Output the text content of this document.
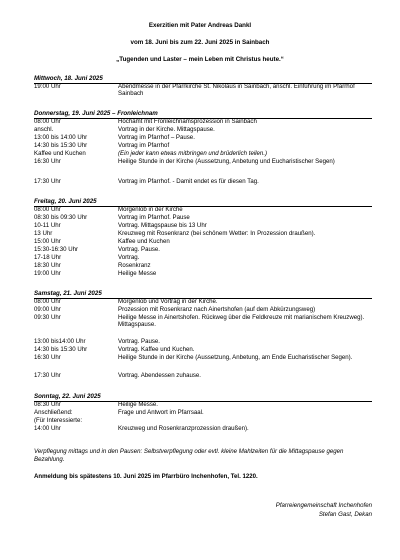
Exerzitien mit Pater Andreas Dankl
vom 18. Juni bis zum 22. Juni 2025 in Sainbach
„Tugenden und Laster – mein Leben mit Christus heute.“
Mittwoch, 18. Juni 2025
19:00 Uhr	Abendmesse in der Pfarrkirche St. Nikolaus in Sainbach, anschl. Einführung im Pfarrhof Sainbach
Donnerstag, 19. Juni 2025 – Fronleichnam
08:00 Uhr	Hochamt mit Fronleichnamsprozession in Sainbach
anschl.	Vortrag in der Kirche. Mittagspause.
13:00 bis 14:00 Uhr	Vortrag im Pfarrhof – Pause.
14:30 bis 15:30 Uhr	Vortrag im Pfarrhof
Kaffee und Kuchen	(Ein jeder kann etwas mitbringen und brüderlich teilen.)
16:30 Uhr	Heilige Stunde in der Kirche (Aussetzung, Anbetung und Eucharistischer Segen)
17:30 Uhr	Vortrag im Pfarrhof. - Damit endet es für diesen Tag.
Freitag, 20. Juni 2025
08:00 Uhr	Morgenlob in der Kirche
08:30 bis 09:30 Uhr	Vortrag im Pfarrhof. Pause
10-11 Uhr	Vortrag. Mittagspause bis 13 Uhr
13 Uhr	Kreuzweg mit Rosenkranz (bei schönem Wetter: In Prozession draußen).
15:00 Uhr	Kaffee und Kuchen
15:30-16:30 Uhr	Vortrag. Pause.
17-18 Uhr	Vortrag.
18:30 Uhr	Rosenkranz
19:00 Uhr	Heilige Messe
Samstag, 21. Juni 2025
08:00 Uhr	Morgenlob und Vortrag in der Kirche.
09:00 Uhr	Prozession mit Rosenkranz nach Ainertshofen (auf dem Abkürzungsweg)
09:30 Uhr	Heilige Messe in Ainertshofen. Rückweg über die Feldkreuze mit marianischem Kreuzweg). Mittagspause.
13:00 bis14:00 Uhr	Vortrag. Pause.
14:30 bis 15:30 Uhr	Vortrag. Kaffee und Kuchen.
16:30 Uhr	Heilige Stunde in der Kirche (Aussetzung, Anbetung, am Ende Eucharistischer Segen).
17:30 Uhr	Vortrag. Abendessen zuhause.
Sonntag, 22. Juni 2025
08:30 Uhr	Heilige Messe.
Anschließend:	Frage und Antwort im Pfarrsaal.
(Für Interessierte:
14:00 Uhr	Kreuzweg und Rosenkranzprozession draußen).
Verpflegung mittags und in den Pausen: Selbstverpflegung oder evtl. kleine Mahlzeiten für die Mittagspause gegen Bezahlung.
Anmeldung bis spätestens 10. Juni 2025 im Pfarrbüro Inchenhofen, Tel. 1220.
Pfarreiengemeinschaft Inchenhofen
Stefan Gast, Dekan
